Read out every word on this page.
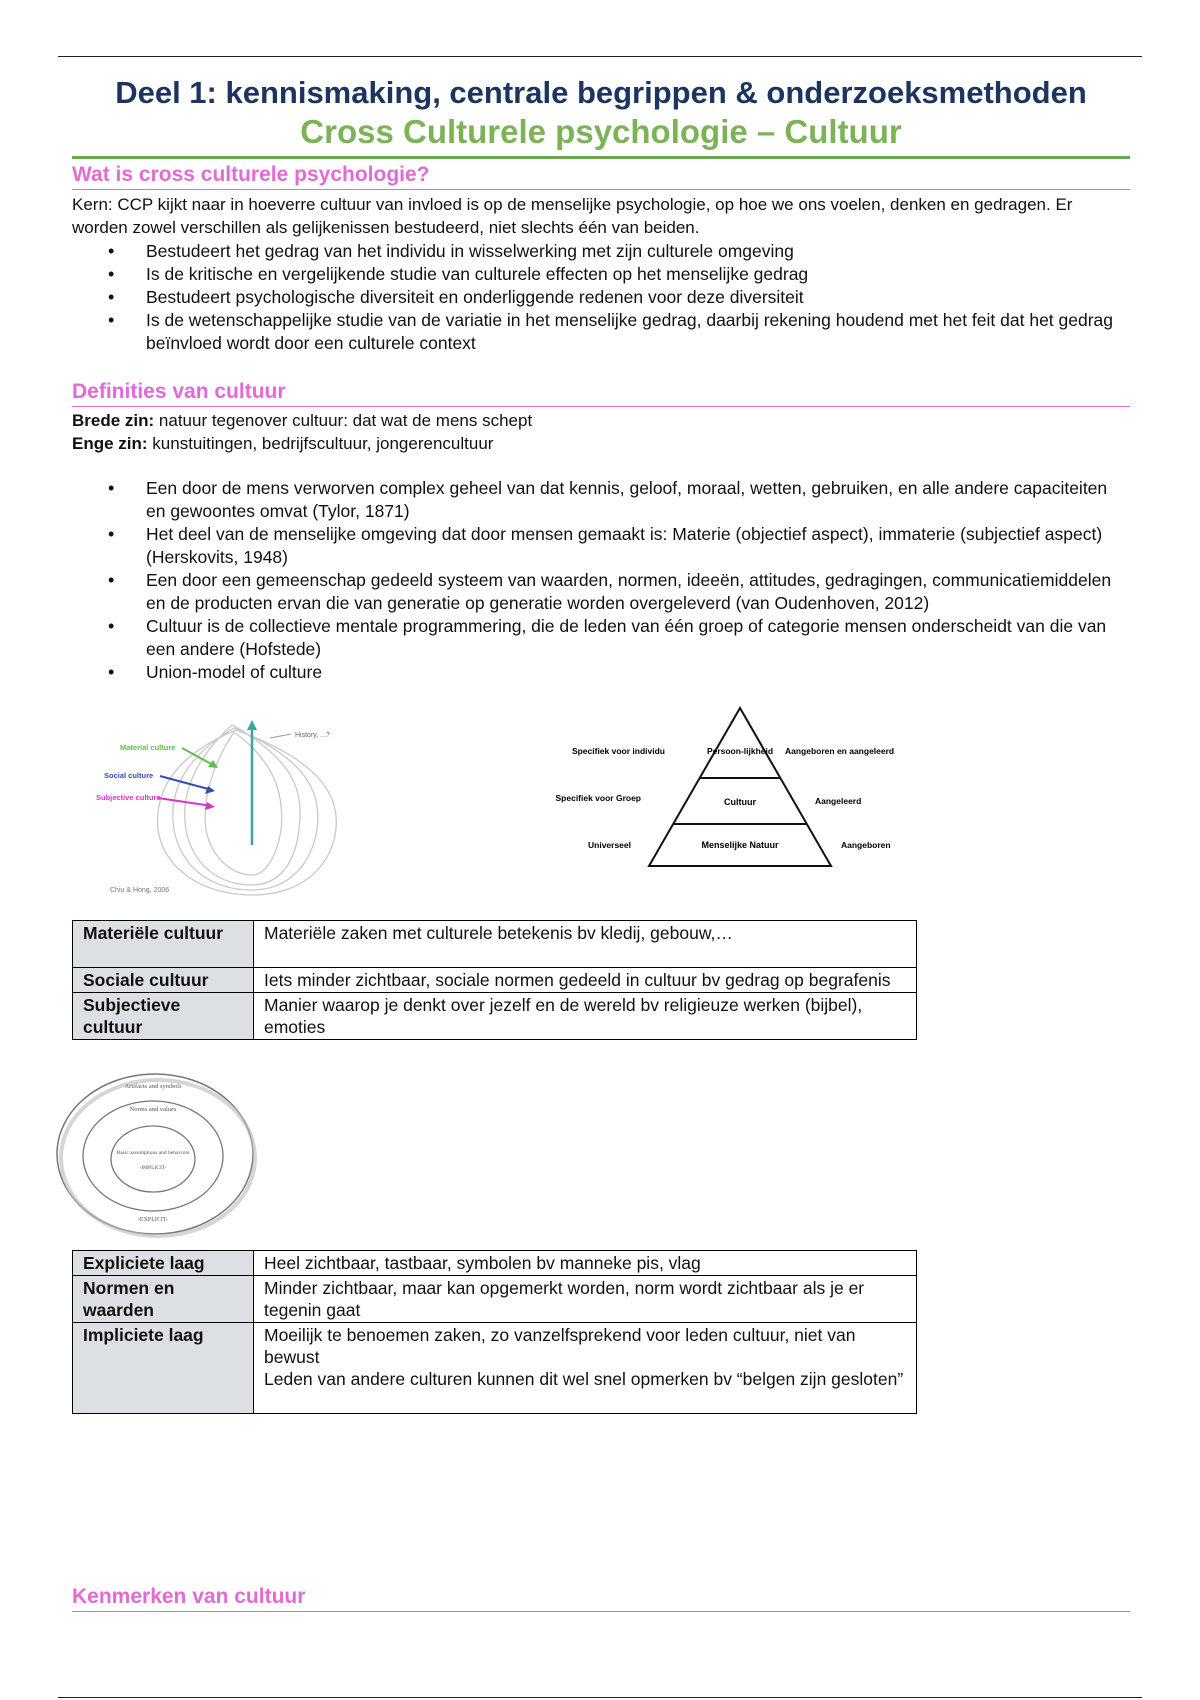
Deel 1: kennismaking, centrale begrippen & onderzoeksmethoden
Cross Culturele psychologie – Cultuur
Wat is cross culturele psychologie?

Kern: CCP kijkt naar in hoeverre cultuur van invloed is op de menselijke psychologie, op hoe we ons voelen, denken en gedragen. Er worden zowel verschillen als gelijkenissen bestudeerd, niet slechts één van beiden.

• Bestudeert het gedrag van het individu in wisselwerking met zijn culturele omgeving
• Is de kritische en vergelijkende studie van culturele effecten op het menselijke gedrag
• Bestudeert psychologische diversiteit en onderliggende redenen voor deze diversiteit
• Is de wetenschappelijke studie van de variatie in het menselijke gedrag, daarbij rekening houdend met het feit dat het gedrag beïnvloed wordt door een culturele context
Definities van cultuur

Brede zin: natuur tegenover cultuur: dat wat de mens schept

Enge zin: kunstuitingen, bedrijfscultuur, jongerencultuur

• Een door de mens verworven complex geheel van dat kennis, geloof, moraal, wetten, gebruiken, en alle andere capaciteiten en gewoontes omvat (Tylor, 1871)
• Het deel van de menselijke omgeving dat door mensen gemaakt is: Materie (objectief aspect), immaterie (subjectief aspect) (Herskovits, 1948)
• Een door een gemeenschap gedeeld systeem van waarden, normen, ideeën, attitudes, gedragingen, communicatiemiddelen en de producten ervan die van generatie op generatie worden overgeleverd (van Oudenhoven, 2012)
• Cultuur is de collectieve mentale programmering, die de leden van één groep of categorie mensen onderscheidt van die van een andere (Hofstede)
• Union-model of culture
History, ...?
Material culture
Social culture
Subjective culture
Chiu & Hong, 2006
Persoon-lijkheid
Cultuur
Menselijke Natuur
Specifiek voor individu
Specifiek voor Groep
Universeel
Aangeboren en aangeleerd
Aangeleerd
Aangeboren
Materiële cultuur	Materiële zaken met culturele betekenis bv kledij, gebouw,…
Sociale cultuur	Iets minder zichtbaar, sociale normen gedeeld in cultuur bv gedrag op begrafenis
Subjectieve cultuur	Manier waarop je denkt over jezelf en de wereld bv religieuze werken (bijbel), emoties
Artifacts and symbols
Norms and values
Basic assumptions and behaviors
-IMPLICIT-
-EXPLICIT-
Expliciete laag	Heel zichtbaar, tastbaar, symbolen bv manneke pis, vlag
Normen en waarden	Minder zichtbaar, maar kan opgemerkt worden, norm wordt zichtbaar als je er tegenin gaat
Impliciete laag	Moeilijk te benoemen zaken, zo vanzelfsprekend voor leden cultuur, niet van bewust
Leden van andere culturen kunnen dit wel snel opmerken bv “belgen zijn gesloten”
Kenmerken van cultuur
